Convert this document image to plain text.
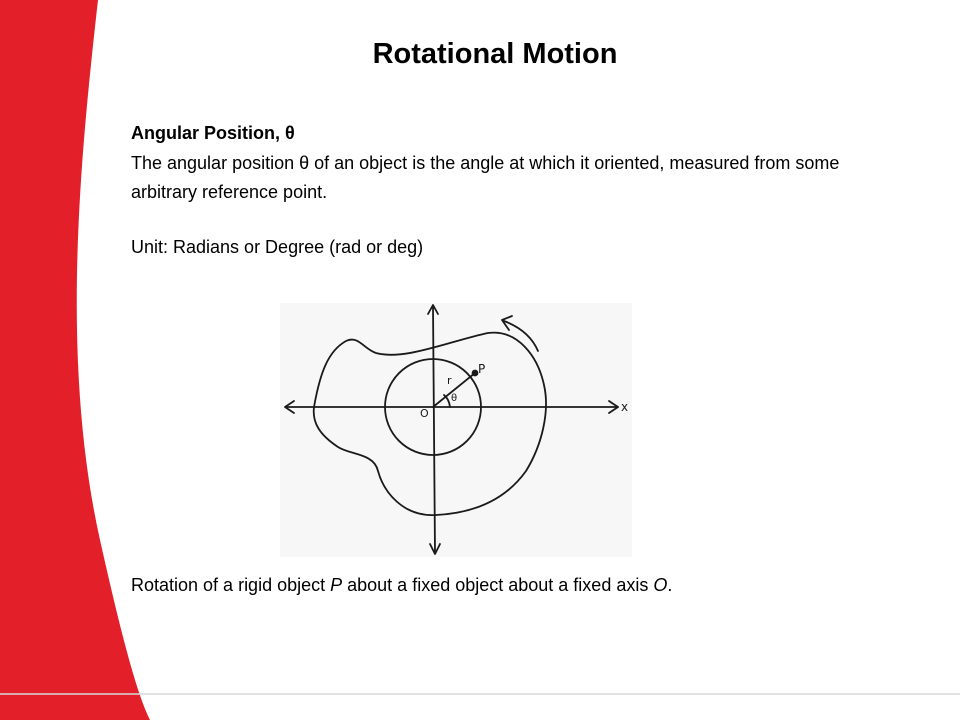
Rotational Motion
Angular Position, θ
The angular position θ of an object is the angle at which it oriented, measured from some arbitrary reference point.
Unit: Radians or Degree (rad or deg)
P
r
θ
O	x
Rotation of a rigid object P about a fixed object about a fixed axis O.
